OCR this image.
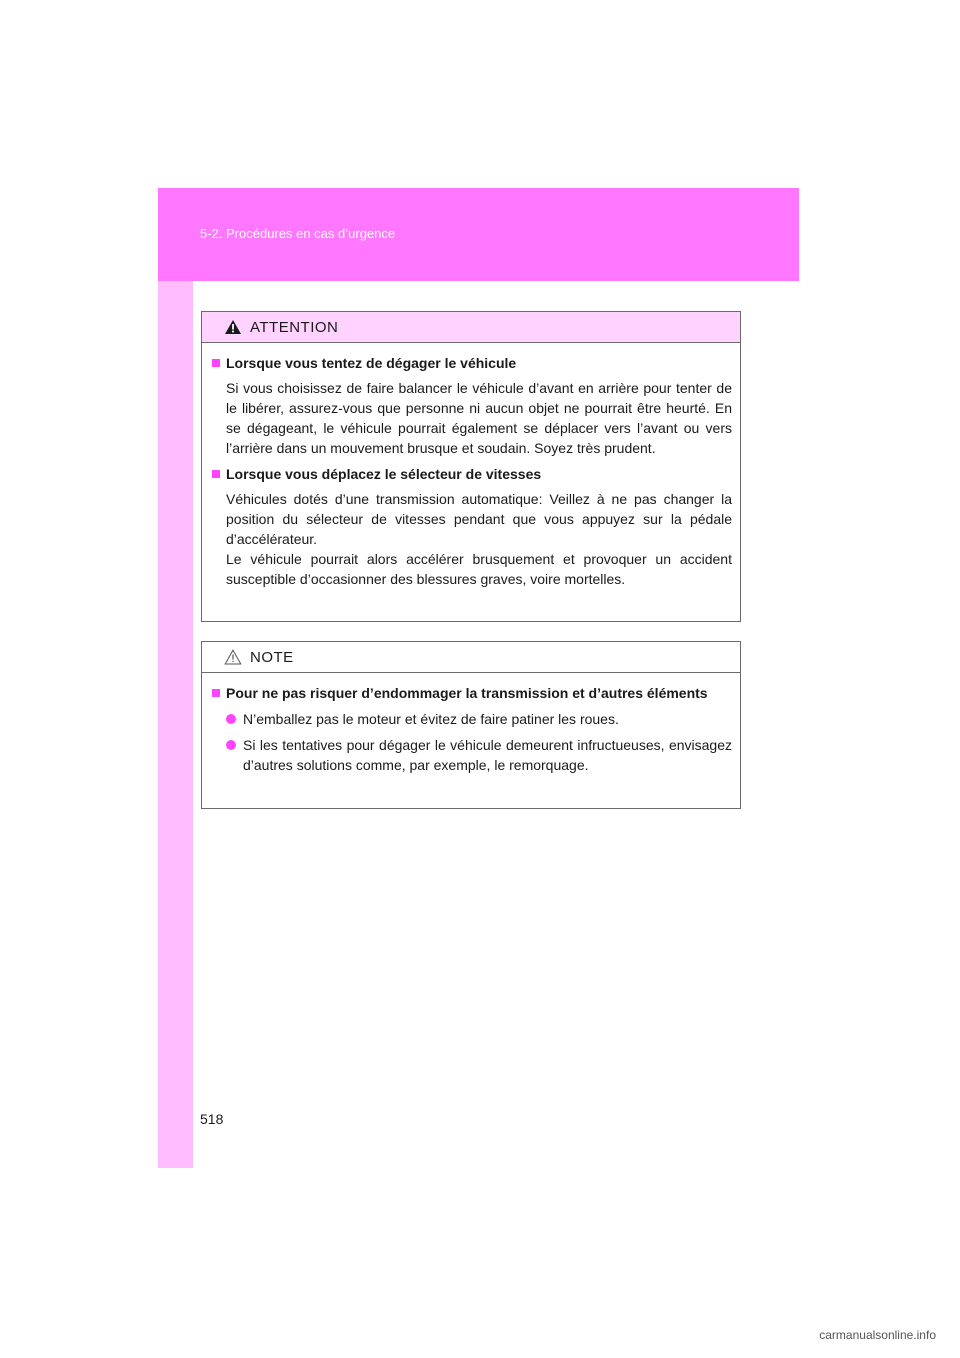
5-2. Procédures en cas d’urgence
ATTENTION
Lorsque vous tentez de dégager le véhicule
Si vous choisissez de faire balancer le véhicule d’avant en arrière pour tenter de le libérer, assurez-vous que personne ni aucun objet ne pourrait être heurté. En se dégageant, le véhicule pourrait également se déplacer vers l’avant ou vers l’arrière dans un mouvement brusque et soudain. Soyez très prudent.
Lorsque vous déplacez le sélecteur de vitesses
Véhicules dotés d’une transmission automatique: Veillez à ne pas changer la position du sélecteur de vitesses pendant que vous appuyez sur la pédale d’accélérateur.
Le véhicule pourrait alors accélérer brusquement et provoquer un accident susceptible d’occasionner des blessures graves, voire mortelles.
NOTE
Pour ne pas risquer d’endommager la transmission et d’autres éléments
N’emballez pas le moteur et évitez de faire patiner les roues.
Si les tentatives pour dégager le véhicule demeurent infructueuses, envisagez d’autres solutions comme, par exemple, le remorquage.
518
carmanualsonline.info
